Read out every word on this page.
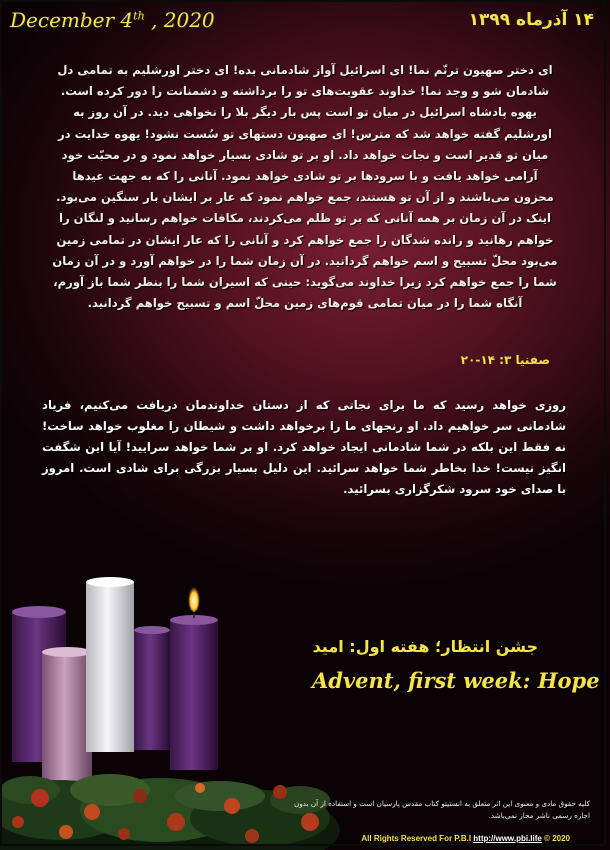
December 4th , 2020	۱۴ آذرماه ۱۳۹۹
ای دختر صهیون ترنّم نما! ای اسرائیل آواز شادمانی بده! ای دختر اورشلیم به تمامی دل شادمان شو و وجد نما! خداوند عقوبت‌های تو را برداشته و دشمنانت را دور کرده است. یهوه پادشاه اسرائیل در میان تو است پس بار دیگر بلا را نخواهی دید. در آن روز به اورشلیم گفته خواهد شد که مترس! ای صهیون دستهای تو سُست نشود! یهوه خدایت در میان تو قدیر است و نجات خواهد داد. او بر تو شادی بسیار خواهد نمود و در محبّت خود آرامی خواهد یافت و با سرودها بر تو شادی خواهد نمود. آنانی را که به جهت عیدها محزون می‌باشند و از آن تو هستند، جمع خواهم نمود که عار بر ایشان بار سنگین می‌بود. اینک در آن زمان بر همه آنانی که بر تو ظلم می‌کردند، مکافات خواهم رسانید و لنگان را خواهم رهانید و رانده شدگان را جمع خواهم کرد و آنانی را که عار ایشان در تمامی زمین می‌بود محلّ تسبیح و اسم خواهم گردانید. در آن زمان شما را در خواهم آورد و در آن زمان شما را جمع خواهم کرد زیرا خداوند می‌گوید: حینی که اسیران شما را بنظر شما باز آورم، آنگاه شما را در میان تمامی قوم‌های زمین محلّ اسم و تسبیح خواهم گردانید.
صفنیا ۳: ۱۴-۲۰
روزی خواهد رسید که ما برای نجاتی که از دستان خداوندمان دریافت می‌کنیم، فریاد شادمانی سر خواهیم داد. او رنجهای ما را برخواهد داشت و شیطان را مغلوب خواهد ساخت! نه فقط این بلکه در شما شادمانی ایجاد خواهد کرد. او بر شما خواهد سرایید! آیا این شگفت انگیز نیست! خدا بخاطر شما خواهد سرائید. این دلیل بسیار بزرگی برای شادی است. امروز با صدای خود سرود شکرگزاری بسرائید.
جشن انتظار؛ هفته اول: امید
Advent, first week: Hope
کلیه حقوق مادی و معنوی این اثر متعلق به انستیتو کتاب مقدس پارسیان است و استفاده از آن بدون اجازه رسمی ناشر مجاز نمی‌باشد.
All Rights Reserved For P.B.I http://www.pbi.life © 2020
